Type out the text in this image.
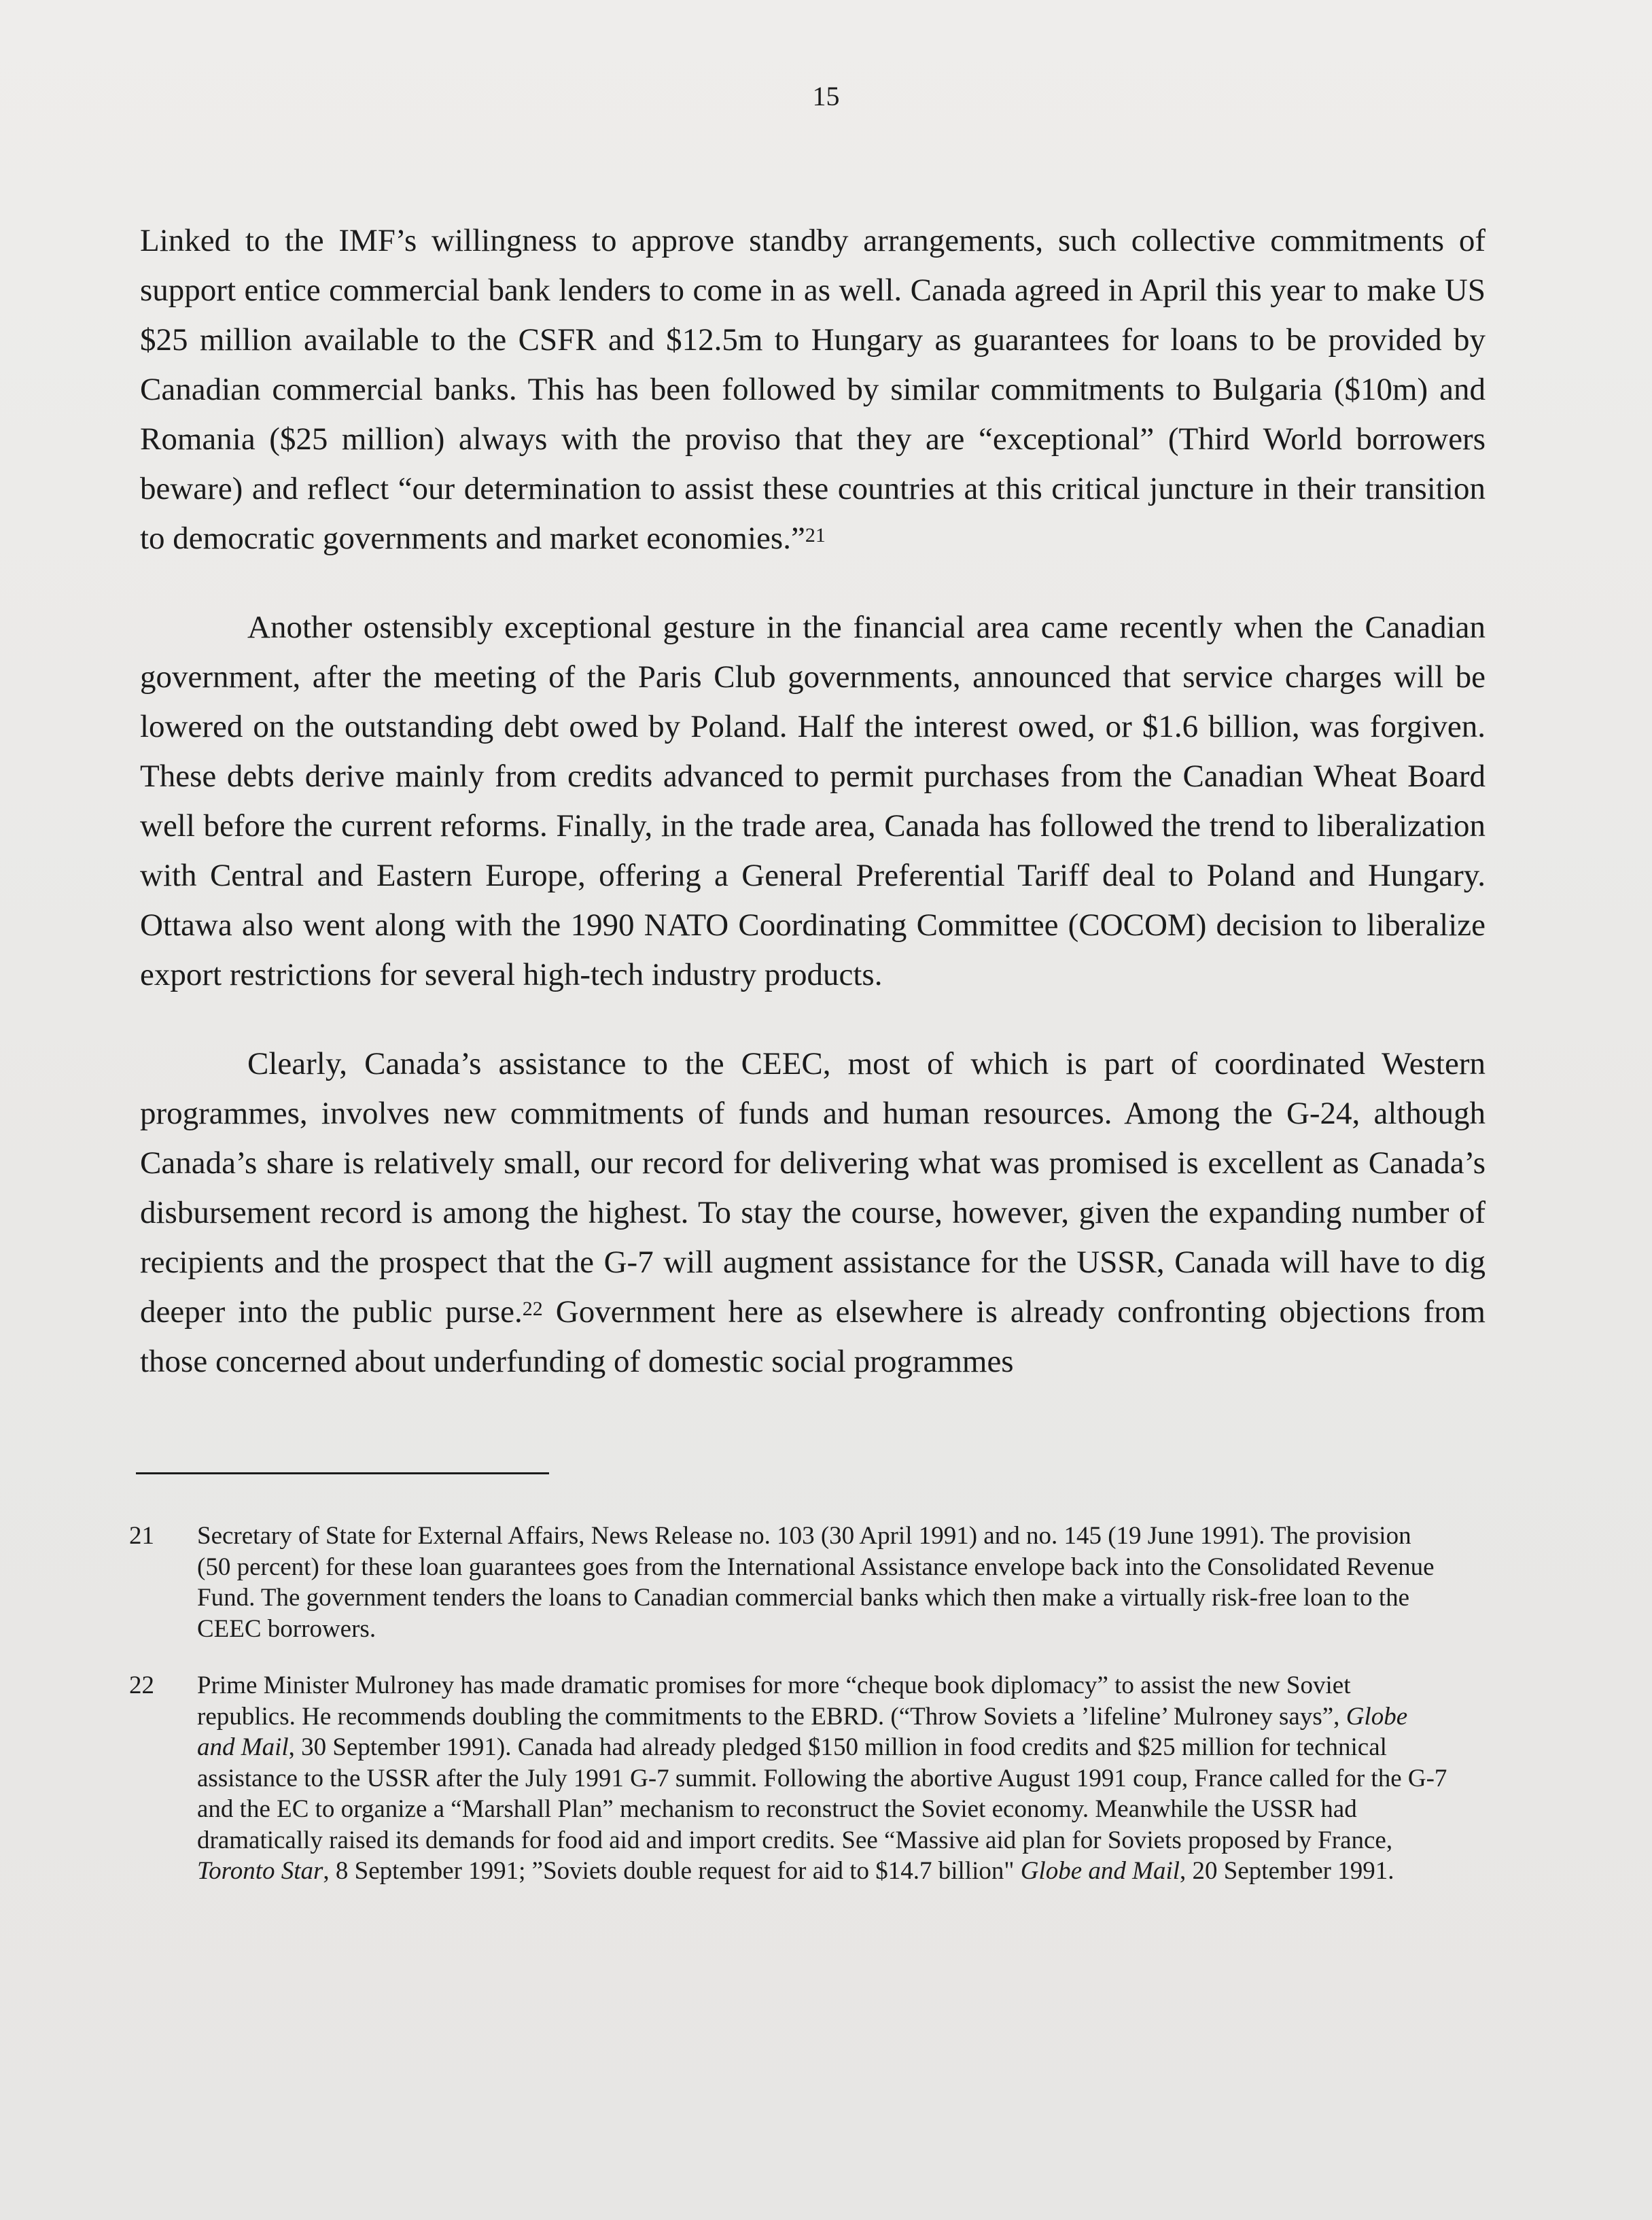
15

Linked to the IMF’s willingness to approve standby arrangements, such collective commitments of support entice commercial bank lenders to come in as well. Canada agreed in April this year to make US $25 million available to the CSFR and $12.5m to Hungary as guarantees for loans to be provided by Canadian commercial banks. This has been followed by similar commitments to Bulgaria ($10m) and Romania ($25 million) always with the proviso that they are “exceptional” (Third World borrowers beware) and reflect “our determination to assist these countries at this critical juncture in their transition to democratic governments and market economies.”$^{21}$

Another ostensibly exceptional gesture in the financial area came recently when the Canadian government, after the meeting of the Paris Club governments, announced that service charges will be lowered on the outstanding debt owed by Poland. Half the interest owed, or $1.6 billion, was forgiven. These debts derive mainly from credits advanced to permit purchases from the Canadian Wheat Board well before the current reforms. Finally, in the trade area, Canada has followed the trend to liberalization with Central and Eastern Europe, offering a General Preferential Tariff deal to Poland and Hungary. Ottawa also went along with the 1990 NATO Coordinating Committee (COCOM) decision to liberalize export restrictions for several high-tech industry products.

Clearly, Canada’s assistance to the CEEC, most of which is part of coordinated Western programmes, involves new commitments of funds and human resources. Among the G-24, although Canada’s share is relatively small, our record for delivering what was promised is excellent as Canada’s disbursement record is among the highest. To stay the course, however, given the expanding number of recipients and the prospect that the G-7 will augment assistance for the USSR, Canada will have to dig deeper into the public purse.$^{22}$ Government here as elsewhere is already confronting objections from those concerned about underfunding of domestic social programmes

21	Secretary of State for External Affairs, News Release no. 103 (30 April 1991) and no. 145 (19 June 1991). The provision (50 percent) for these loan guarantees goes from the International Assistance envelope back into the Consolidated Revenue Fund. The government tenders the loans to Canadian commercial banks which then make a virtually risk-free loan to the CEEC borrowers.
22	Prime Minister Mulroney has made dramatic promises for more “cheque book diplomacy” to assist the new Soviet republics. He recommends doubling the commitments to the EBRD. (“Throw Soviets a ’lifeline’ Mulroney says”, Globe and Mail, 30 September 1991). Canada had already pledged $150 million in food credits and $25 million for technical assistance to the USSR after the July 1991 G-7 summit. Following the abortive August 1991 coup, France called for the G-7 and the EC to organize a “Marshall Plan” mechanism to reconstruct the Soviet economy. Meanwhile the USSR had dramatically raised its demands for food aid and import credits. See “Massive aid plan for Soviets proposed by France, Toronto Star, 8 September 1991; ”Soviets double request for aid to $14.7 billion" Globe and Mail, 20 September 1991.
